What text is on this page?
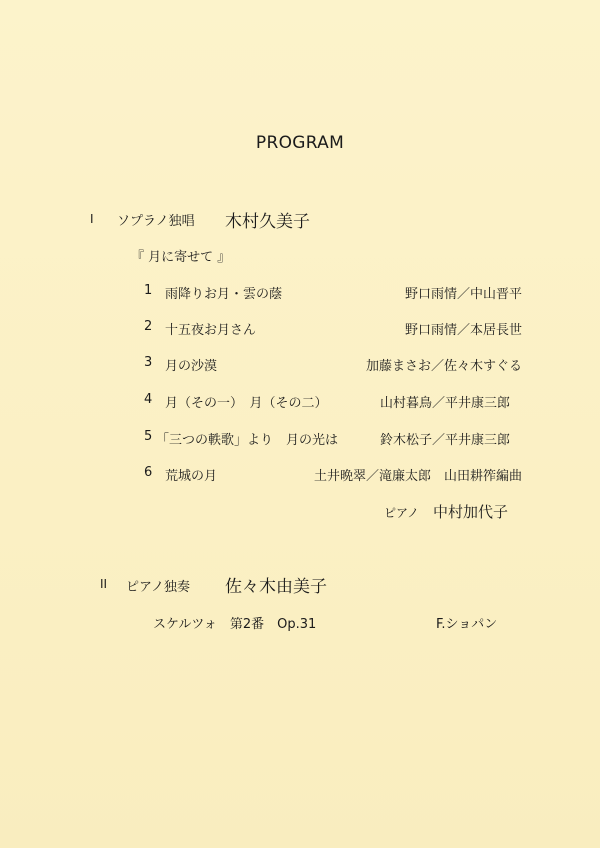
PROGRAM
I ソプラノ独唱 木村久美子
『 月に寄せて 』
1 雨降りお月・雲の蔭	野口雨情／中山晋平
2 十五夜お月さん	野口雨情／本居長世
3 月の沙漠	加藤まさお／佐々木すぐる
4 月（その一）　月（その二）	山村暮鳥／平井康三郎
5 「三つの軼歌」より　月の光は	鈴木松子／平井康三郎
6 荒城の月	土井晩翠／滝廉太郎　山田耕筰編曲
ピアノ 中村加代子
II ピアノ独奏 佐々木由美子
スケルツォ　第2番　Op.31	F.ショパン
